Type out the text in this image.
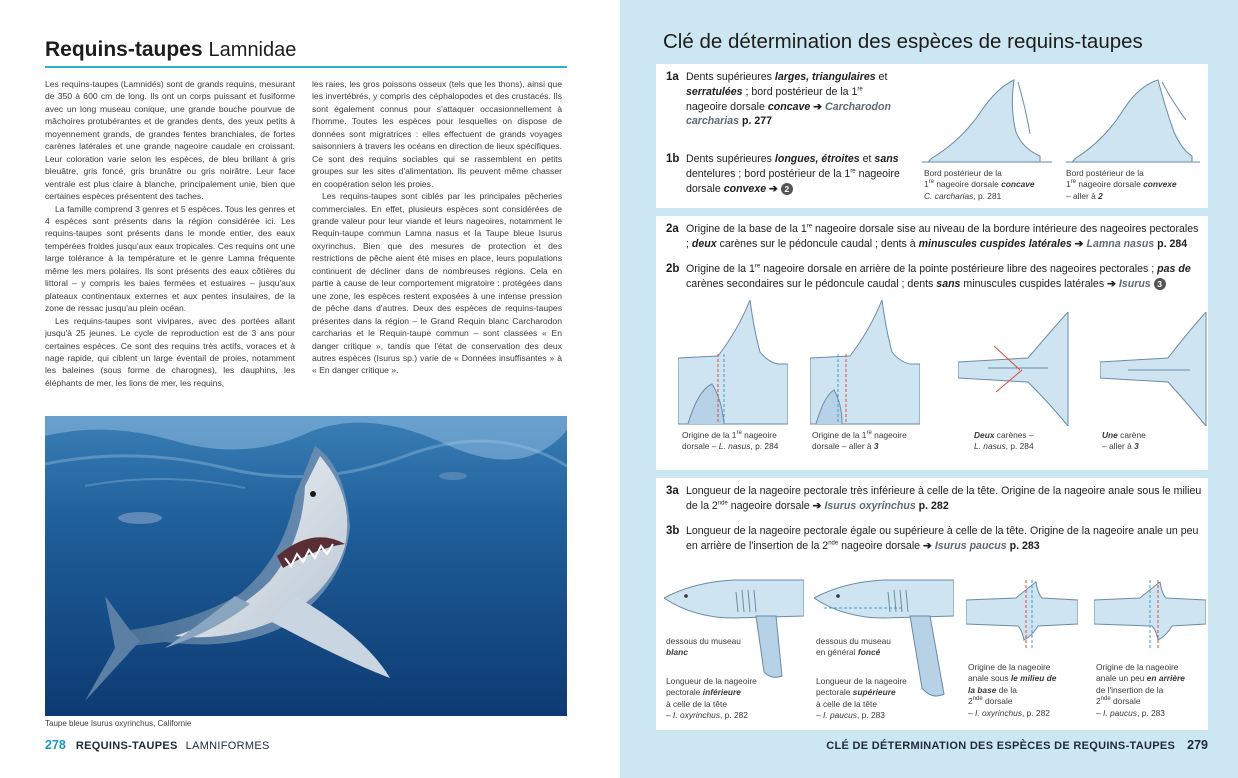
Requins-taupes Lamnidae

Les requins-taupes (Lamnidés) sont de grands requins, mesurant de 350 à 600 cm de long. Ils ont un corps puissant et fusiforme avec un long museau conique, une grande bouche pourvue de mâchoires protubérantes et de grandes dents, des yeux petits à moyennement grands, de grandes fentes branchiales, de fortes carènes latérales et une grande nageoire caudale en croissant. Leur coloration varie selon les espèces, de bleu brillant à gris bleuâtre, gris foncé, gris brunâtre ou gris noirâtre. Leur face ventrale est plus claire à blanche, principalement unie, bien que certaines espèces présentent des taches.

La famille comprend 3 genres et 5 espèces. Tous les genres et 4 espèces sont présents dans la région considérée ici. Les requins-taupes sont présents dans le monde entier, des eaux tempérées froides jusqu'aux eaux tropicales. Ces requins ont une large tolérance à la température et le genre Lamna fréquente même les mers polaires. Ils sont présents des eaux côtières du littoral – y compris les baies fermées et estuaires – jusqu'aux plateaux continentaux externes et aux pentes insulaires, de la zone de ressac jusqu'au plein océan.

Les requins-taupes sont vivipares, avec des portées allant jusqu'à 25 jeunes. Le cycle de reproduction est de 3 ans pour certaines espèces. Ce sont des requins très actifs, voraces et à nage rapide, qui ciblent un large éventail de proies, notamment les baleines (sous forme de charognes), les dauphins, les éléphants de mer, les lions de mer, les requins,

les raies, les gros poissons osseux (tels que les thons), ainsi que les invertébrés, y compris des céphalopodes et des crustacés. Ils sont également connus pour s'attaquer occasionnellement à l'homme. Toutes les espèces pour lesquelles on dispose de données sont migratrices : elles effectuent de grands voyages saisonniers à travers les océans en direction de lieux spécifiques. Ce sont des requins sociables qui se rassemblent en petits groupes sur les sites d'alimentation. Ils peuvent même chasser en coopération selon les proies.

Les requins-taupes sont ciblés par les principales pêcheries commerciales. En effet, plusieurs espèces sont considérées de grande valeur pour leur viande et leurs nageoires, notamment le Requin-taupe commun Lamna nasus et la Taupe bleue Isurus oxyrinchus. Bien que des mesures de protection et des restrictions de pêche aient été mises en place, leurs populations continuent de décliner dans de nombreuses régions. Cela en partie à cause de leur comportement migratoire : protégées dans une zone, les espèces restent exposées à une intense pression de pêche dans d'autres. Deux des espèces de requins-taupes présentes dans la région – le Grand Requin blanc Carcharodon carcharias et le Requin-taupe commun – sont classées « En danger critique », tandis que l'état de conservation des deux autres espèces (Isurus sp.) varie de « Données insuffisantes » à « En danger critique ».

Taupe bleue Isurus oxyrinchus, Californie
278 REQUINS-TAUPES LAMNIFORMES
Clé de détermination des espèces de requins-taupes
1a Dents supérieures larges, triangulaires et serratulées ; bord postérieur de la 1re nageoire dorsale concave ➔ Carcharodon carcharias p. 277
1b Dents supérieures longues, étroites et sans dentelures ; bord postérieur de la 1re nageoire dorsale convexe ➔ 2
Bord postérieur de la
1re nageoire dorsale concave
C. carcharias, p. 281
Bord postérieur de la
1re nageoire dorsale convexe
– aller à 2
2a Origine de la base de la 1re nageoire dorsale sise au niveau de la bordure intérieure des nageoires pectorales ; deux carènes sur le pédoncule caudal ; dents à minuscules cuspides latérales ➔ Lamna nasus p. 284
2b Origine de la 1re nageoire dorsale en arrière de la pointe postérieure libre des nageoires pectorales ; pas de carènes secondaires sur le pédoncule caudal ; dents sans minuscules cuspides latérales ➔ Isurus 3
Origine de la 1re nageoire
dorsale – L. nasus, p. 284
Origine de la 1re nageoire
dorsale – aller à 3
Deux carènes –
L. nasus, p. 284
Une carène
– aller à 3
3a Longueur de la nageoire pectorale très inférieure à celle de la tête. Origine de la nageoire anale sous le milieu de la 2nde nageoire dorsale ➔ Isurus oxyrinchus p. 282
3b Longueur de la nageoire pectorale égale ou supérieure à celle de la tête. Origine de la nageoire anale un peu en arrière de l'insertion de la 2nde nageoire dorsale ➔ Isurus paucus p. 283
dessous du museau
blanc
Longueur de la nageoire
pectorale inférieure
à celle de la tête
– I. oxyrinchus, p. 282
dessous du museau
en général foncé
Longueur de la nageoire
pectorale supérieure
à celle de la tête
– I. paucus, p. 283
Origine de la nageoire
anale sous le milieu de
la base de la
2nde dorsale
– I. oxyrinchus, p. 282
Origine de la nageoire
anale un peu en arrière
de l'insertion de la
2nde dorsale
– I. paucus, p. 283
CLÉ DE DÉTERMINATION DES ESPÈCES DE REQUINS-TAUPES 279
